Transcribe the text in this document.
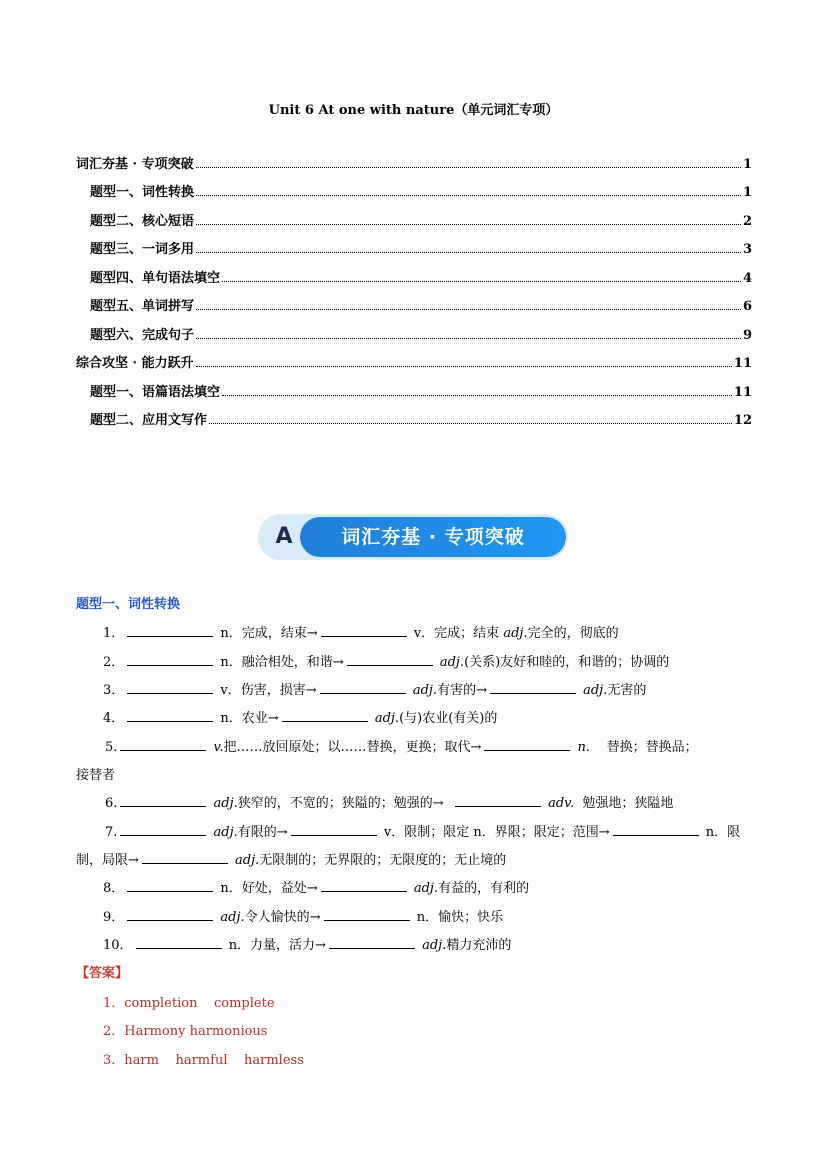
Unit 6 At one with nature（单元词汇专项）
词汇夯基 · 专项突破	1
题型一、词性转换	1
题型二、核心短语	2
题型三、一词多用	3
题型四、单句语法填空	4
题型五、单词拼写	6
题型六、完成句子	9
综合攻坚 · 能力跃升	11
题型一、语篇语法填空	11
题型二、应用文写作	12
A	词汇夯基 · 专项突破
题型一、词性转换
1．	n．完成，结束→	v．完成；结束 adj.完全的，彻底的
2．	n．融洽相处，和谐→	adj.(关系)友好和睦的，和谐的；协调的
3．	v．伤害，损害→	adj.有害的→	adj.无害的
4．	n．农业→	adj.(与)农业(有关)的
5.	v.把……放回原处；以……替换，更换；取代→	n. 替换；替换品；
接替者
6.	adj.狭窄的，不宽的；狭隘的；勉强的→	adv. 勉强地；狭隘地
7.	adj.有限的→	v．限制；限定 n．界限；限定；范围→	n．限
制，局限→	adj.无限制的；无界限的；无限度的；无止境的
8．	n．好处，益处→	adj.有益的，有利的
9．	adj.令人愉快的→	n．愉快；快乐
10．	n．力量，活力→	adj.精力充沛的
【答案】
1．completion    complete
2．Harmony harmonious
3．harm    harmful    harmless
